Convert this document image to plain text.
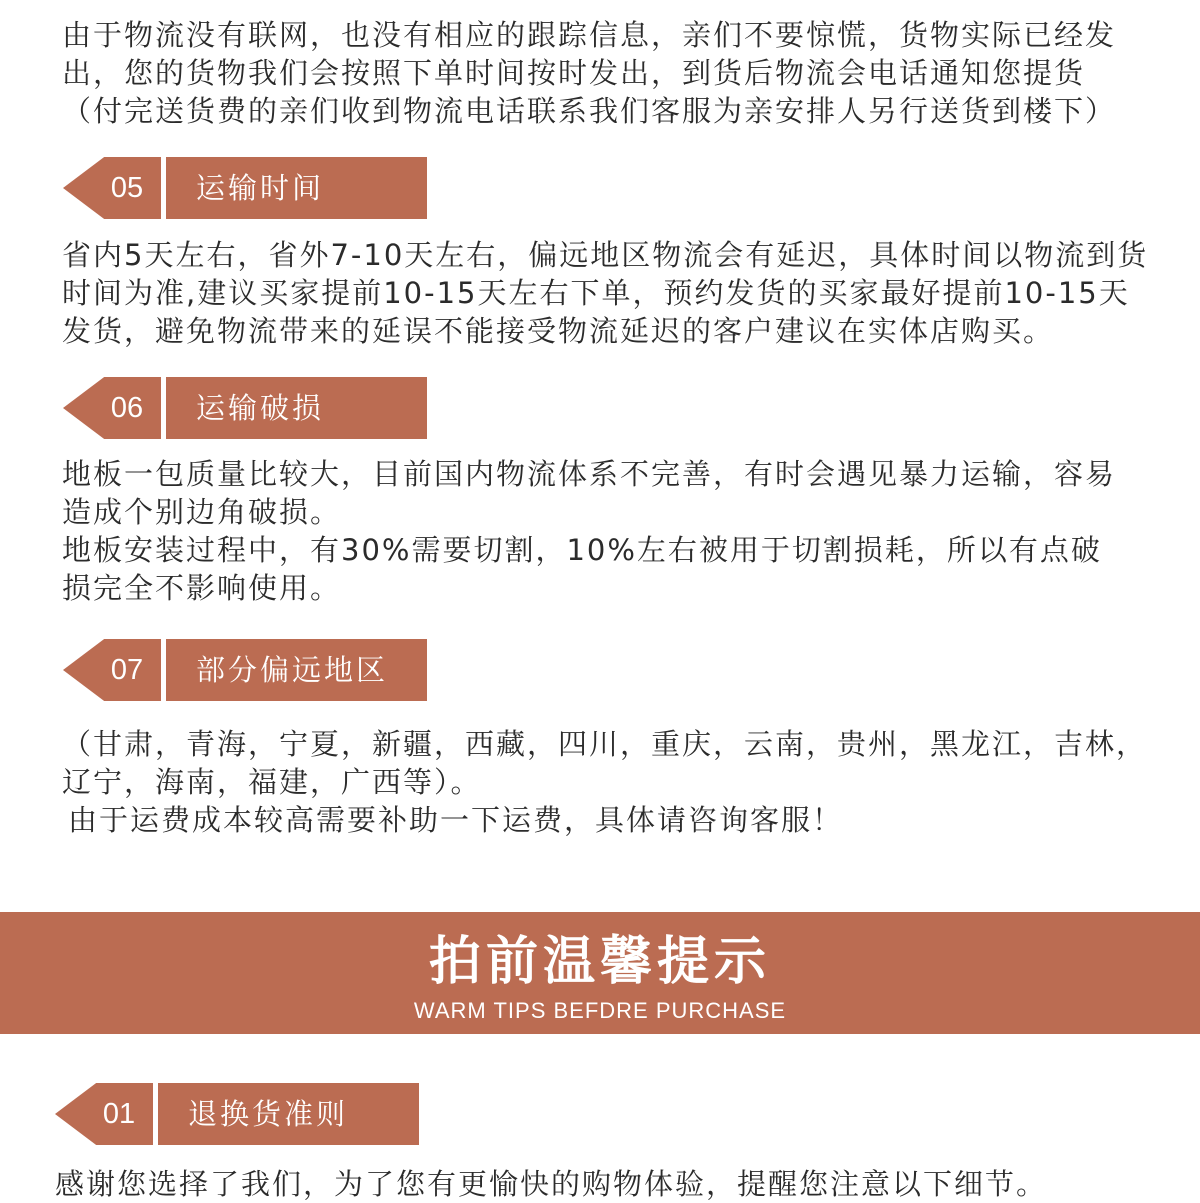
由于物流没有联网，也没有相应的跟踪信息，亲们不要惊慌，货物实际已经发
出，您的货物我们会按照下单时间按时发出，到货后物流会电话通知您提货
（付完送货费的亲们收到物流电话联系我们客服为亲安排人另行送货到楼下）
05	运输时间
省内5天左右，省外7-10天左右，偏远地区物流会有延迟，具体时间以物流到货
时间为准,建议买家提前10-15天左右下单，预约发货的买家最好提前10-15天
发货，避免物流带来的延误不能接受物流延迟的客户建议在实体店购买。
06	运输破损
地板一包质量比较大，目前国内物流体系不完善，有时会遇见暴力运输，容易
造成个别边角破损。
地板安装过程中，有30%需要切割，10%左右被用于切割损耗，所以有点破
损完全不影响使用。
07	部分偏远地区
（甘肃，青海，宁夏，新疆，西藏，四川，重庆，云南，贵州，黑龙江，吉林，
辽宁，海南，福建，广西等）。
由于运费成本较高需要补助一下运费，具体请咨询客服！
拍前温馨提示
WARM TIPS BEFDRE PURCHASE
01	退换货准则
感谢您选择了我们，为了您有更愉快的购物体验，提醒您注意以下细节。
